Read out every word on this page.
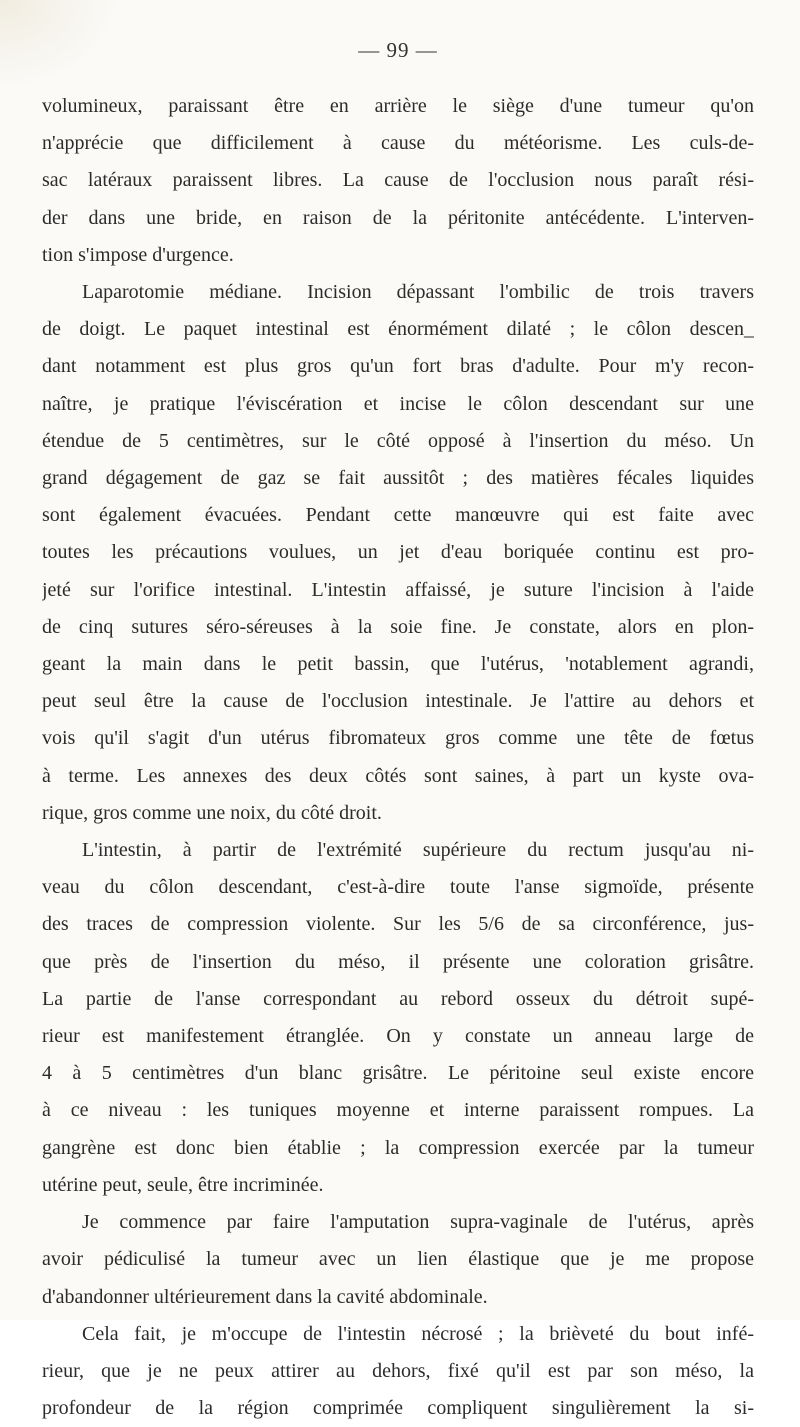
— 99 —
volumineux, paraissant être en arrière le siège d'une tumeur qu'on
n'apprécie que difficilement à cause du météorisme. Les culs-de-
sac latéraux paraissent libres. La cause de l'occlusion nous paraît rési-
der dans une bride, en raison de la péritonite antécédente. L'interven-
tion s'impose d'urgence.
Laparotomie médiane. Incision dépassant l'ombilic de trois travers
de doigt. Le paquet intestinal est énormément dilaté ; le côlon descen_
dant notamment est plus gros qu'un fort bras d'adulte. Pour m'y recon-
naître, je pratique l'éviscération et incise le côlon descendant sur une
étendue de 5 centimètres, sur le côté opposé à l'insertion du méso. Un
grand dégagement de gaz se fait aussitôt ; des matières fécales liquides
sont également évacuées. Pendant cette manœuvre qui est faite avec
toutes les précautions voulues, un jet d'eau boriquée continu est pro-
jeté sur l'orifice intestinal. L'intestin affaissé, je suture l'incision à l'aide
de cinq sutures séro-séreuses à la soie fine. Je constate, alors en plon-
geant la main dans le petit bassin, que l'utérus, 'notablement agrandi,
peut seul être la cause de l'occlusion intestinale. Je l'attire au dehors et
vois qu'il s'agit d'un utérus fibromateux gros comme une tête de fœtus
à terme. Les annexes des deux côtés sont saines, à part un kyste ova-
rique, gros comme une noix, du côté droit.
L'intestin, à partir de l'extrémité supérieure du rectum jusqu'au ni-
veau du côlon descendant, c'est-à-dire toute l'anse sigmoïde, présente
des traces de compression violente. Sur les 5/6 de sa circonférence, jus-
que près de l'insertion du méso, il présente une coloration grisâtre.
La partie de l'anse correspondant au rebord osseux du détroit supé-
rieur est manifestement étranglée. On y constate un anneau large de
4 à 5 centimètres d'un blanc grisâtre. Le péritoine seul existe encore
à ce niveau : les tuniques moyenne et interne paraissent rompues. La
gangrène est donc bien établie ; la compression exercée par la tumeur
utérine peut, seule, être incriminée.
Je commence par faire l'amputation supra-vaginale de l'utérus, après
avoir pédiculisé la tumeur avec un lien élastique que je me propose
d'abandonner ultérieurement dans la cavité abdominale.
Cela fait, je m'occupe de l'intestin nécrosé ; la brièveté du bout infé-
rieur, que je ne peux attirer au dehors, fixé qu'il est par son méso, la
profondeur de la région comprimée compliquent singulièrement la si-
